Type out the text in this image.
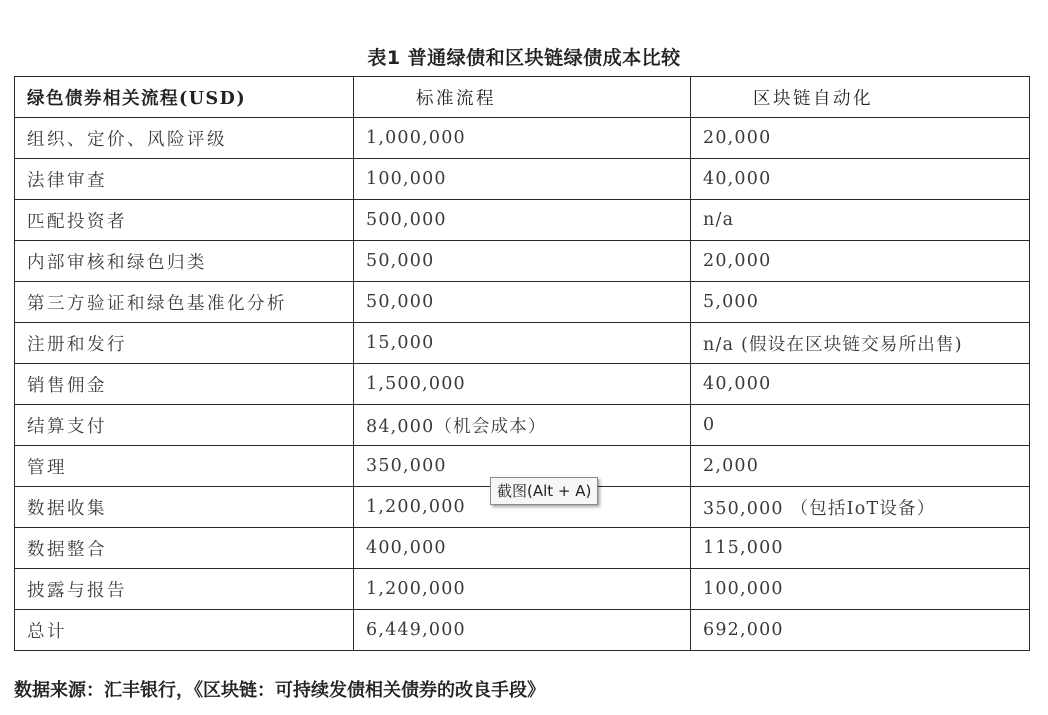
表1 普通绿债和区块链绿债成本比较
绿色债券相关流程(USD)	标准流程	区块链自动化
组织、定价、风险评级	1,000,000	20,000
法律审查	100,000	40,000
匹配投资者	500,000	n/a
内部审核和绿色归类	50,000	20,000
第三方验证和绿色基准化分析	50,000	5,000
注册和发行	15,000	n/a (假设在区块链交易所出售)
销售佣金	1,500,000	40,000
结算支付	84,000（机会成本）	0
管理	350,000	2,000
数据收集	1,200,000	350,000 （包括IoT设备）
数据整合	400,000	115,000
披露与报告	1,200,000	100,000
总计	6,449,000	692,000
截图(Alt + A)
数据来源：汇丰银行，《区块链：可持续发债相关债券的改良手段》
